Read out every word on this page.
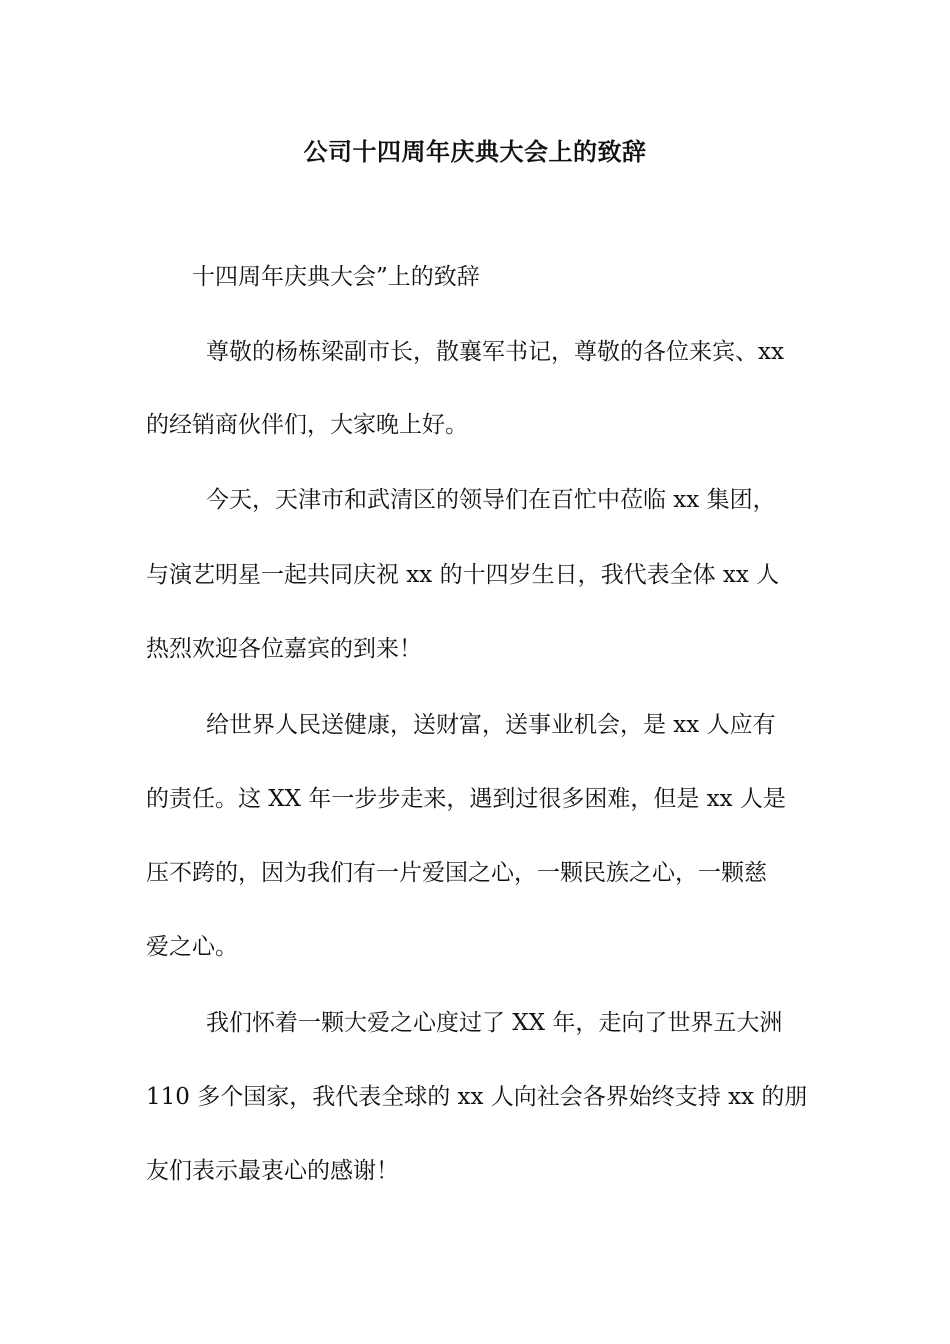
公司十四周年庆典大会上的致辞
十四周年庆典大会”上的致辞
尊敬的杨栋梁副市长，散襄军书记，尊敬的各位来宾、xx
的经销商伙伴们，大家晚上好。
今天，天津市和武清区的领导们在百忙中莅临 xx 集团，
与演艺明星一起共同庆祝 xx 的十四岁生日，我代表全体 xx 人
热烈欢迎各位嘉宾的到来！
给世界人民送健康，送财富，送事业机会，是 xx 人应有
的责任。这 XX 年一步步走来，遇到过很多困难，但是 xx 人是
压不跨的，因为我们有一片爱国之心，一颗民族之心，一颗慈
爱之心。
我们怀着一颗大爱之心度过了 XX 年，走向了世界五大洲
110 多个国家，我代表全球的 xx 人向社会各界始终支持 xx 的朋
友们表示最衷心的感谢！
